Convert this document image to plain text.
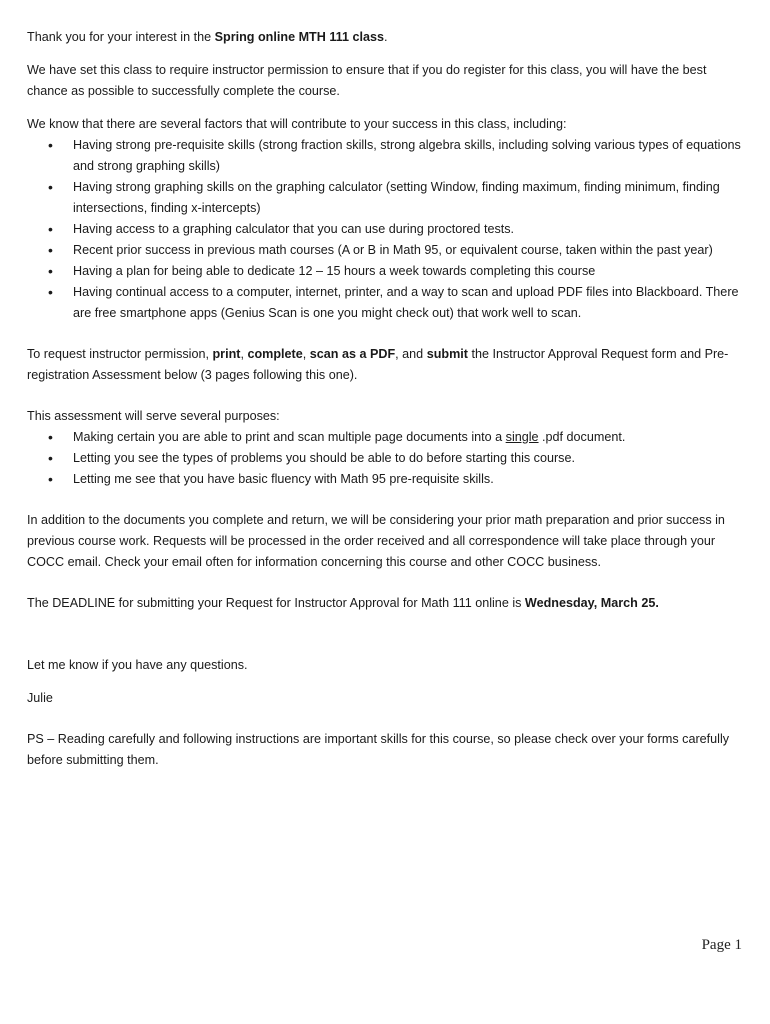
Thank you for your interest in the Spring online MTH 111 class.

We have set this class to require instructor permission to ensure that if you do register for this class, you will have the best chance as possible to successfully complete the course.

We know that there are several factors that will contribute to your success in this class, including:

• Having strong pre-requisite skills (strong fraction skills, strong algebra skills, including solving various types of equations and strong graphing skills)
• Having strong graphing skills on the graphing calculator (setting Window, finding maximum, finding minimum, finding intersections, finding x-intercepts)
• Having access to a graphing calculator that you can use during proctored tests.
• Recent prior success in previous math courses (A or B in Math 95, or equivalent course, taken within the past year)
• Having a plan for being able to dedicate 12 – 15 hours a week towards completing this course
• Having continual access to a computer, internet, printer, and a way to scan and upload PDF files into Blackboard. There are free smartphone apps (Genius Scan is one you might check out) that work well to scan.

To request instructor permission, print, complete, scan as a PDF, and submit the Instructor Approval Request form and Pre-registration Assessment below (3 pages following this one).

This assessment will serve several purposes:

• Making certain you are able to print and scan multiple page documents into a single .pdf document.
• Letting you see the types of problems you should be able to do before starting this course.
• Letting me see that you have basic fluency with Math 95 pre-requisite skills.

In addition to the documents you complete and return, we will be considering your prior math preparation and prior success in previous course work. Requests will be processed in the order received and all correspondence will take place through your COCC email. Check your email often for information concerning this course and other COCC business.

The DEADLINE for submitting your Request for Instructor Approval for Math 111 online is Wednesday, March 25.

Let me know if you have any questions.

Julie

PS – Reading carefully and following instructions are important skills for this course, so please check over your forms carefully before submitting them.

Page 1
